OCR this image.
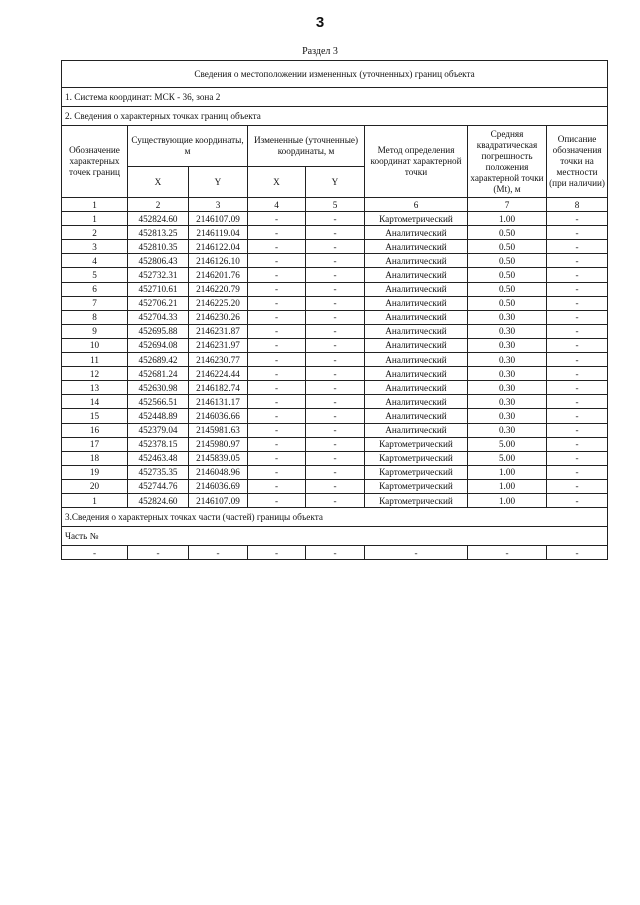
3
Раздел 3
Сведения о местоположении измененных (уточненных) границ объекта							
1. Система координат: МСК - 36, зона 2							
2. Сведения о характерных точках границ объекта							
Обозначение характерных точек границ	Существующие координаты, м		Измененные (уточненные) координаты, м		Метод определения координат характерной точки	Средняя квадратическая погрешность положения характерной точки (Mt), м	Описание обозначения точки на местности (при наличии)
	X	Y	X	Y			
1	2	3	4	5	6	7	8
1	452824.60	2146107.09	-	-	Картометрический	1.00	-
2	452813.25	2146119.04	-	-	Аналитический	0.50	-
3	452810.35	2146122.04	-	-	Аналитический	0.50	-
4	452806.43	2146126.10	-	-	Аналитический	0.50	-
5	452732.31	2146201.76	-	-	Аналитический	0.50	-
6	452710.61	2146220.79	-	-	Аналитический	0.50	-
7	452706.21	2146225.20	-	-	Аналитический	0.50	-
8	452704.33	2146230.26	-	-	Аналитический	0.30	-
9	452695.88	2146231.87	-	-	Аналитический	0.30	-
10	452694.08	2146231.97	-	-	Аналитический	0.30	-
11	452689.42	2146230.77	-	-	Аналитический	0.30	-
12	452681.24	2146224.44	-	-	Аналитический	0.30	-
13	452630.98	2146182.74	-	-	Аналитический	0.30	-
14	452566.51	2146131.17	-	-	Аналитический	0.30	-
15	452448.89	2146036.66	-	-	Аналитический	0.30	-
16	452379.04	2145981.63	-	-	Аналитический	0.30	-
17	452378.15	2145980.97	-	-	Картометрический	5.00	-
18	452463.48	2145839.05	-	-	Картометрический	5.00	-
19	452735.35	2146048.96	-	-	Картометрический	1.00	-
20	452744.76	2146036.69	-	-	Картометрический	1.00	-
1	452824.60	2146107.09	-	-	Картометрический	1.00	-
3.Сведения о характерных точках части (частей) границы объекта							
Часть №							
-	-	-	-	-	-	-	-
